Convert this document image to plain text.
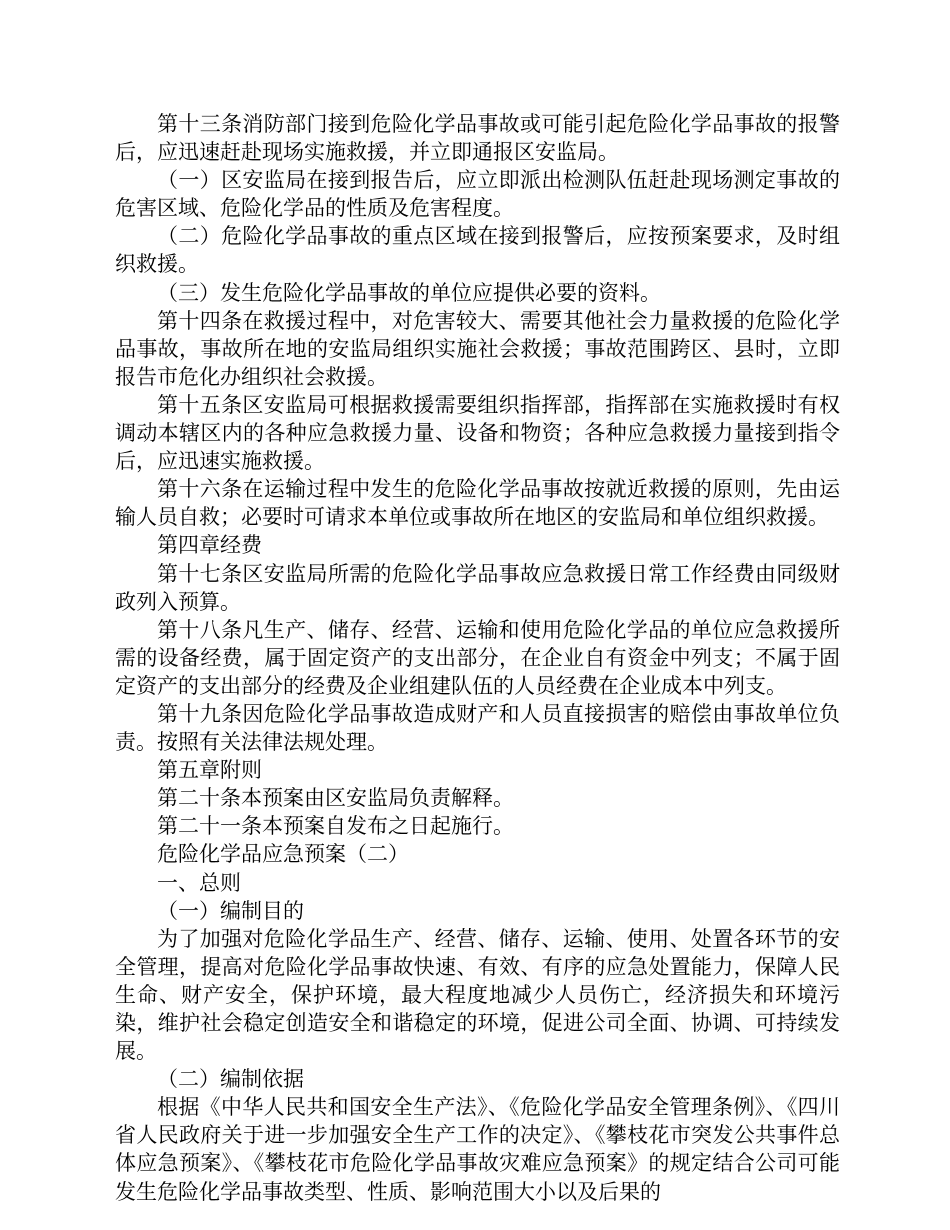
第十三条消防部门接到危险化学品事故或可能引起危险化学品事故的报警后，应迅速赶赴现场实施救援，并立即通报区安监局。

（一）区安监局在接到报告后，应立即派出检测队伍赶赴现场测定事故的危害区域、危险化学品的性质及危害程度。

（二）危险化学品事故的重点区域在接到报警后，应按预案要求，及时组织救援。

（三）发生危险化学品事故的单位应提供必要的资料。

第十四条在救援过程中，对危害较大、需要其他社会力量救援的危险化学品事故，事故所在地的安监局组织实施社会救援；事故范围跨区、县时，立即报告市危化办组织社会救援。

第十五条区安监局可根据救援需要组织指挥部，指挥部在实施救援时有权调动本辖区内的各种应急救援力量、设备和物资；各种应急救援力量接到指令后，应迅速实施救援。

第十六条在运输过程中发生的危险化学品事故按就近救援的原则，先由运输人员自救；必要时可请求本单位或事故所在地区的安监局和单位组织救援。

第四章经费

第十七条区安监局所需的危险化学品事故应急救援日常工作经费由同级财政列入预算。

第十八条凡生产、储存、经营、运输和使用危险化学品的单位应急救援所需的设备经费，属于固定资产的支出部分，在企业自有资金中列支；不属于固定资产的支出部分的经费及企业组建队伍的人员经费在企业成本中列支。

第十九条因危险化学品事故造成财产和人员直接损害的赔偿由事故单位负责。按照有关法律法规处理。

第五章附则

第二十条本预案由区安监局负责解释。

第二十一条本预案自发布之日起施行。

危险化学品应急预案（二）

一、总则

（一）编制目的

为了加强对危险化学品生产、经营、储存、运输、使用、处置各环节的安全管理，提高对危险化学品事故快速、有效、有序的应急处置能力，保障人民生命、财产安全，保护环境，最大程度地减少人员伤亡，经济损失和环境污染，维护社会稳定创造安全和谐稳定的环境，促进公司全面、协调、可持续发展。

（二）编制依据

根据《中华人民共和国安全生产法》、《危险化学品安全管理条例》、《四川省人民政府关于进一步加强安全生产工作的决定》、《攀枝花市突发公共事件总体应急预案》、《攀枝花市危险化学品事故灾难应急预案》的规定结合公司可能发生危险化学品事故类型、性质、影响范围大小以及后果的
